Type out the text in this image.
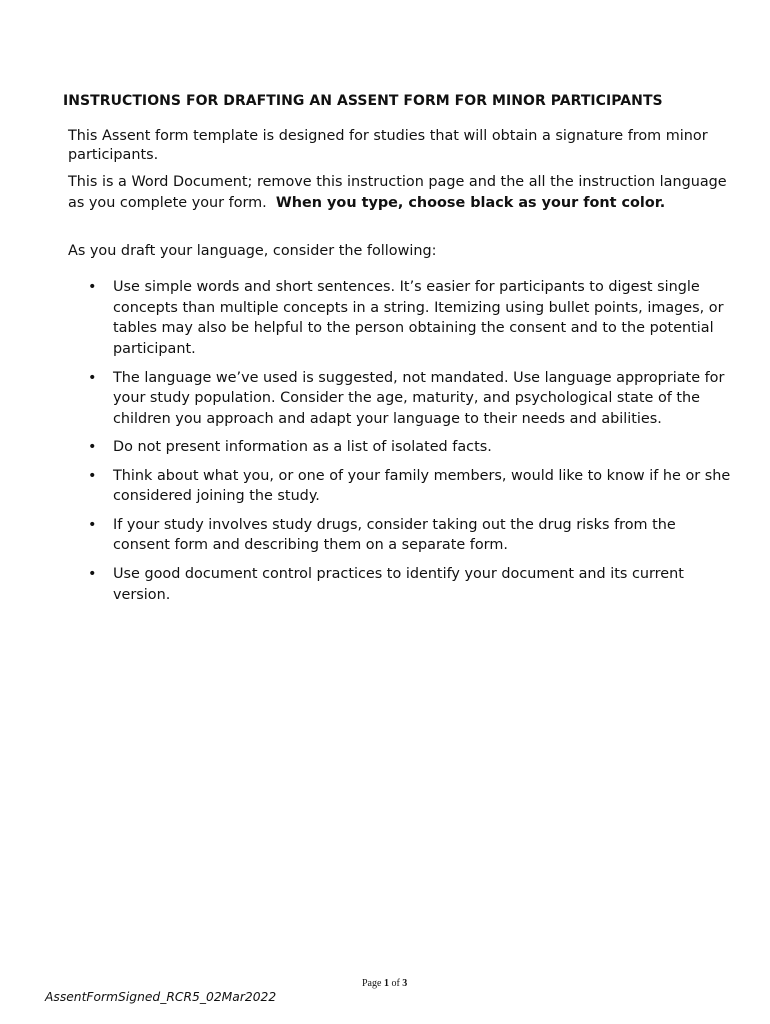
INSTRUCTIONS FOR DRAFTING AN ASSENT FORM FOR MINOR PARTICIPANTS

This Assent form template is designed for studies that will obtain a signature from minor participants.

This is a Word Document; remove this instruction page and the all the instruction language as you complete your form. When you type, choose black as your font color.

As you draft your language, consider the following:

• Use simple words and short sentences. It’s easier for participants to digest single concepts than multiple concepts in a string. Itemizing using bullet points, images, or tables may also be helpful to the person obtaining the consent and to the potential participant.
• The language we’ve used is suggested, not mandated. Use language appropriate for your study population. Consider the age, maturity, and psychological state of the children you approach and adapt your language to their needs and abilities.
• Do not present information as a list of isolated facts.
• Think about what you, or one of your family members, would like to know if he or she considered joining the study.
• If your study involves study drugs, consider taking out the drug risks from the consent form and describing them on a separate form.
• Use good document control practices to identify your document and its current version.
Page 1 of 3
AssentFormSigned_RCR5_02Mar2022
